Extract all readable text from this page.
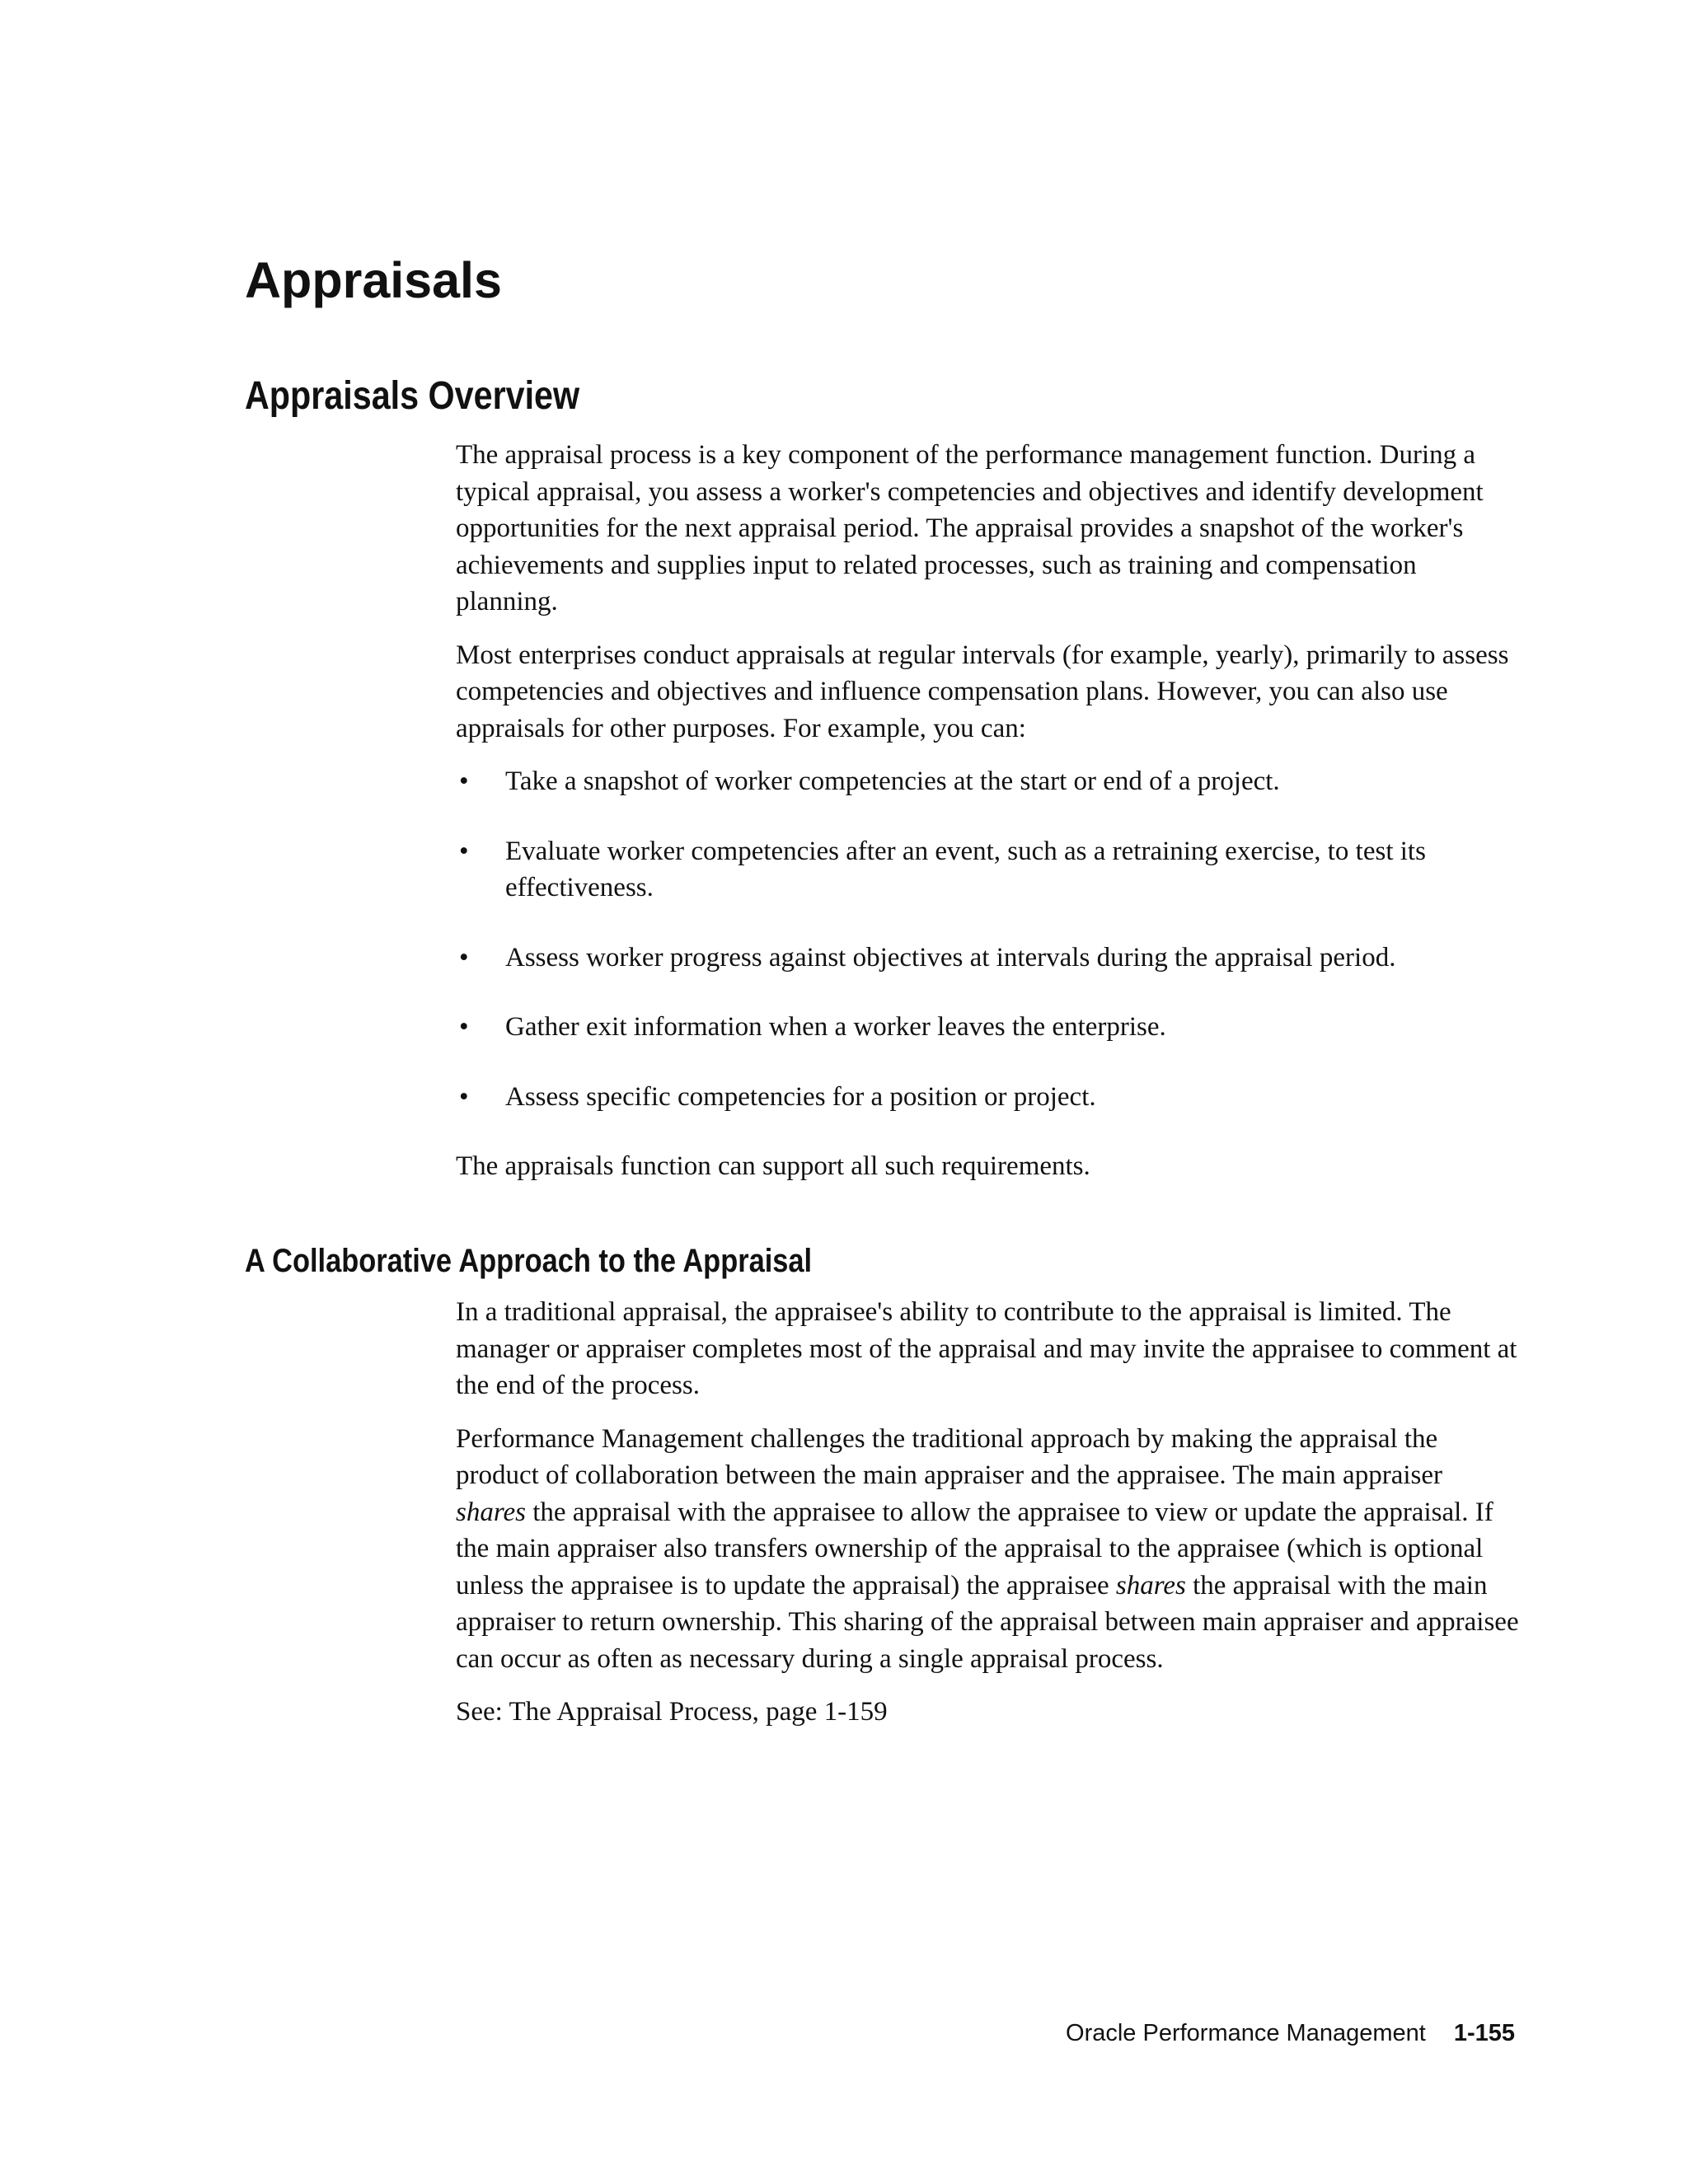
Appraisals
Appraisals Overview

The appraisal process is a key component of the performance management function. During a typical appraisal, you assess a worker's competencies and objectives and identify development opportunities for the next appraisal period. The appraisal provides a snapshot of the worker's achievements and supplies input to related processes, such as training and compensation planning.

Most enterprises conduct appraisals at regular intervals (for example, yearly), primarily to assess competencies and objectives and influence compensation plans. However, you can also use appraisals for other purposes. For example, you can:

• Take a snapshot of worker competencies at the start or end of a project.
• Evaluate worker competencies after an event, such as a retraining exercise, to test its effectiveness.
• Assess worker progress against objectives at intervals during the appraisal period.
• Gather exit information when a worker leaves the enterprise.
• Assess specific competencies for a position or project.

The appraisals function can support all such requirements.

A Collaborative Approach to the Appraisal

In a traditional appraisal, the appraisee's ability to contribute to the appraisal is limited. The manager or appraiser completes most of the appraisal and may invite the appraisee to comment at the end of the process.

Performance Management challenges the traditional approach by making the appraisal the product of collaboration between the main appraiser and the appraisee. The main appraiser shares the appraisal with the appraisee to allow the appraisee to view or update the appraisal. If the main appraiser also transfers ownership of the appraisal to the appraisee (which is optional unless the appraisee is to update the appraisal) the appraisee shares the appraisal with the main appraiser to return ownership. This sharing of the appraisal between main appraiser and appraisee can occur as often as necessary during a single appraisal process.

See: The Appraisal Process, page 1-159

Oracle Performance Management 1-155
